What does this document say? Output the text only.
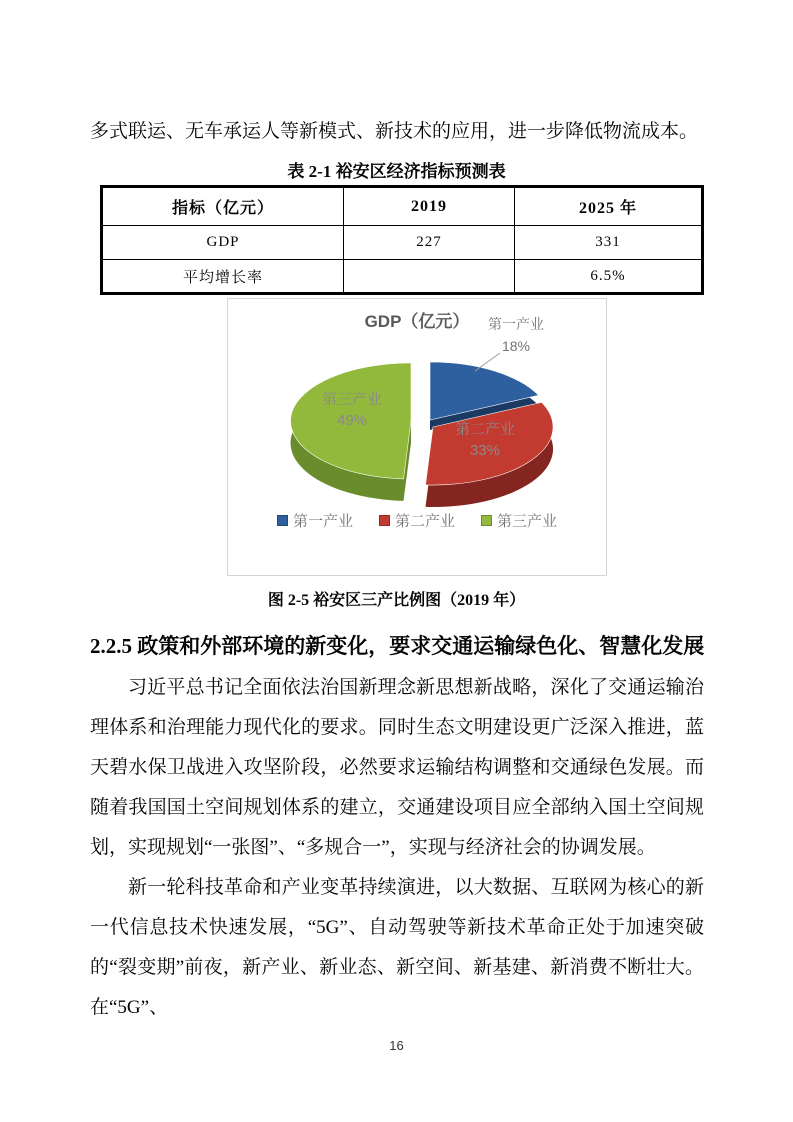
多式联运、无车承运人等新模式、新技术的应用，进一步降低物流成本。

表 2-1 裕安区经济指标预测表
指标（亿元）	2019	2025 年
GDP	227	331
平均增长率		6.5%
GDP（亿元）	第一产业
18%
第三产业
49%
第二产业
33%
第一产业	第二产业	第三产业
图 2-5 裕安区三产比例图（2019 年）
2.2.5 政策和外部环境的新变化，要求交通运输绿色化、智慧化发展

习近平总书记全面依法治国新理念新思想新战略，深化了交通运输治理体系和治理能力现代化的要求。同时生态文明建设更广泛深入推进，蓝天碧水保卫战进入攻坚阶段，必然要求运输结构调整和交通绿色发展。而随着我国国土空间规划体系的建立，交通建设项目应全部纳入国土空间规划，实现规划“一张图”、“多规合一”，实现与经济社会的协调发展。

新一轮科技革命和产业变革持续演进，以大数据、互联网为核心的新一代信息技术快速发展，“5G”、自动驾驶等新技术革命正处于加速突破的“裂变期”前夜，新产业、新业态、新空间、新基建、新消费不断壮大。在“5G”、

16
